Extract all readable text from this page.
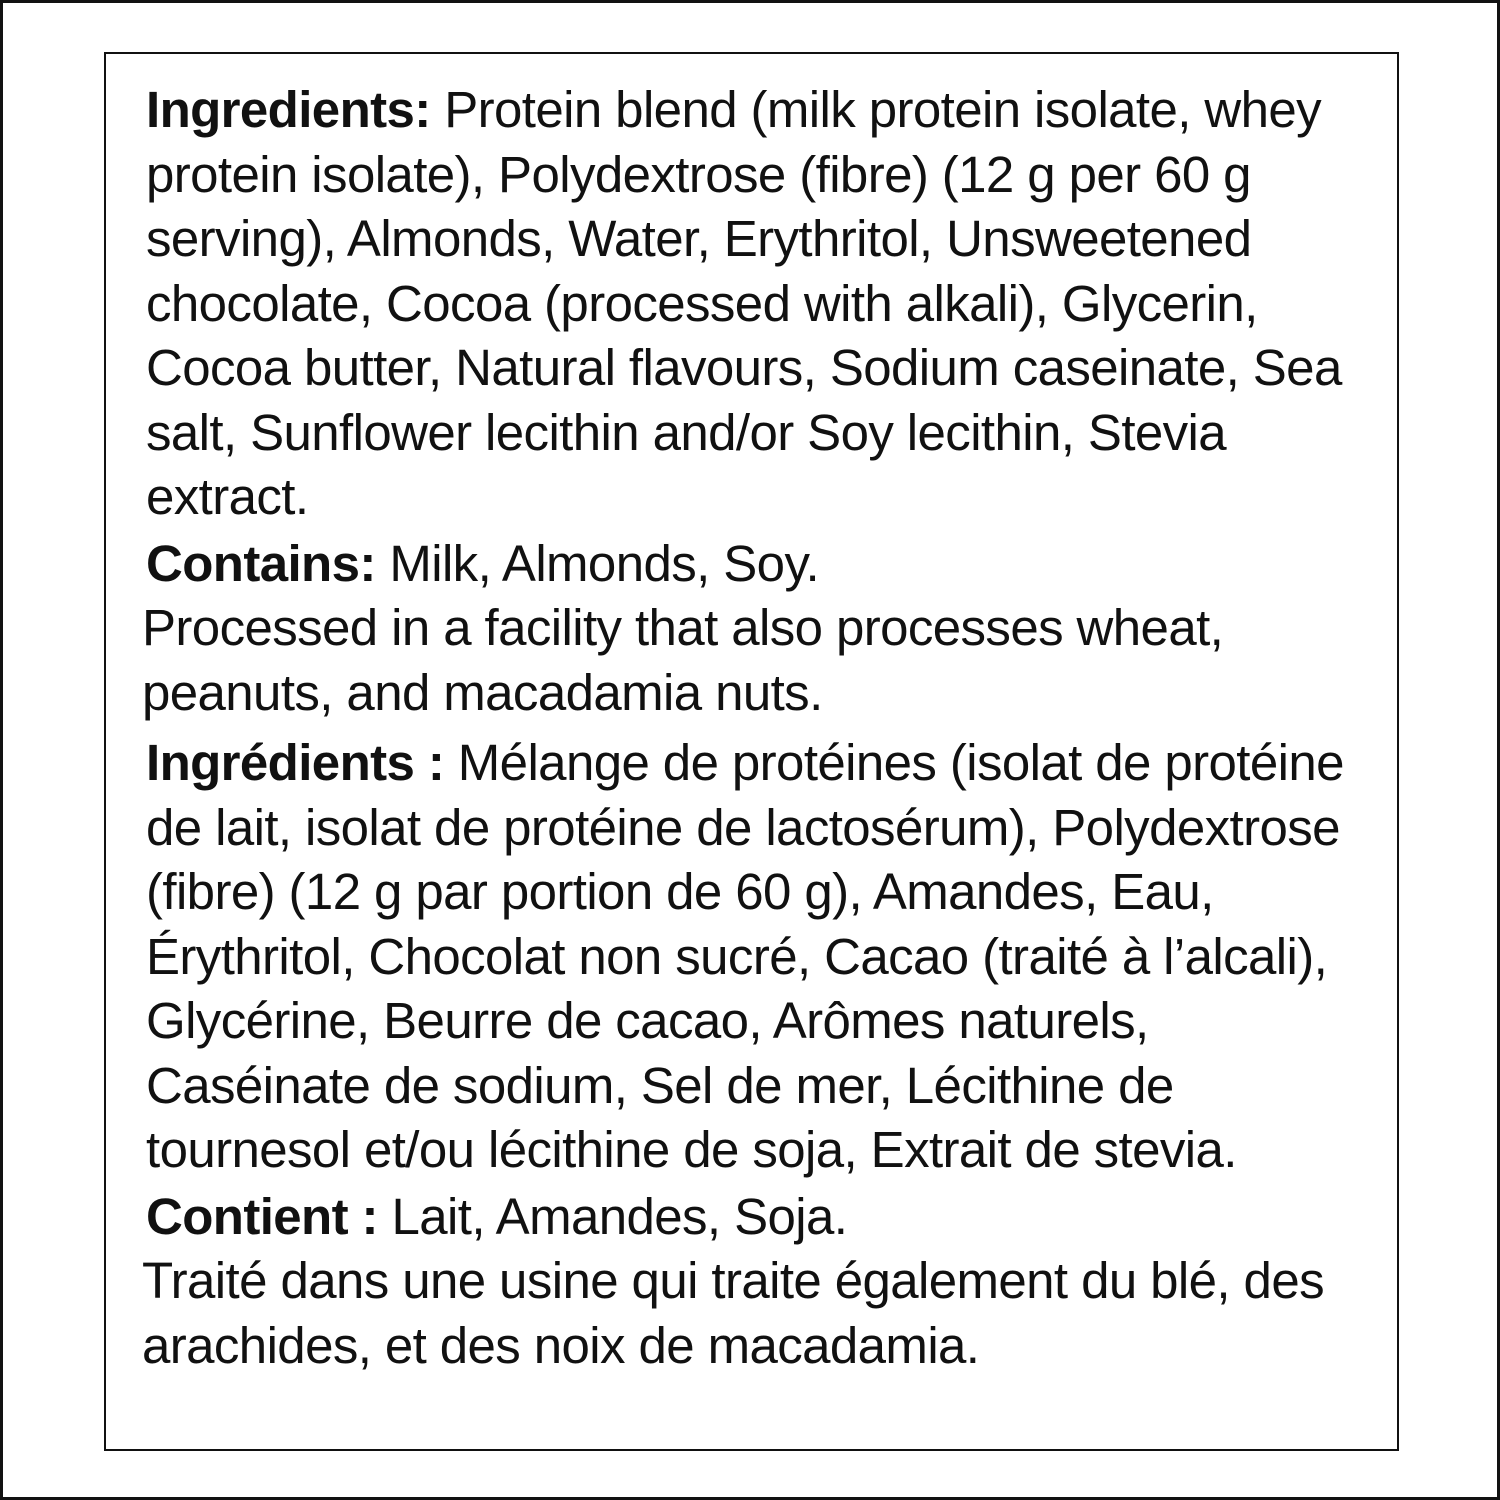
Ingredients: Protein blend (milk protein isolate, whey protein isolate), Polydextrose (fibre) (12 g per 60 g serving), Almonds, Water, Erythritol, Unsweetened chocolate, Cocoa (processed with alkali), Glycerin, Cocoa butter, Natural flavours, Sodium caseinate, Sea salt, Sunflower lecithin and/or Soy lecithin, Stevia extract.

Contains: Milk, Almonds, Soy.

Processed in a facility that also processes wheat, peanuts, and macadamia nuts.

Ingrédients : Mélange de protéines (isolat de protéine de lait, isolat de protéine de lactosérum), Polydextrose (fibre) (12 g par portion de 60 g), Amandes, Eau, Érythritol, Chocolat non sucré, Cacao (traité à l’alcali), Glycérine, Beurre de cacao, Arômes naturels, Caséinate de sodium, Sel de mer, Lécithine de tournesol et/ou lécithine de soja, Extrait de stevia.

Contient : Lait, Amandes, Soja.

Traité dans une usine qui traite également du blé, des arachides, et des noix de macadamia.
